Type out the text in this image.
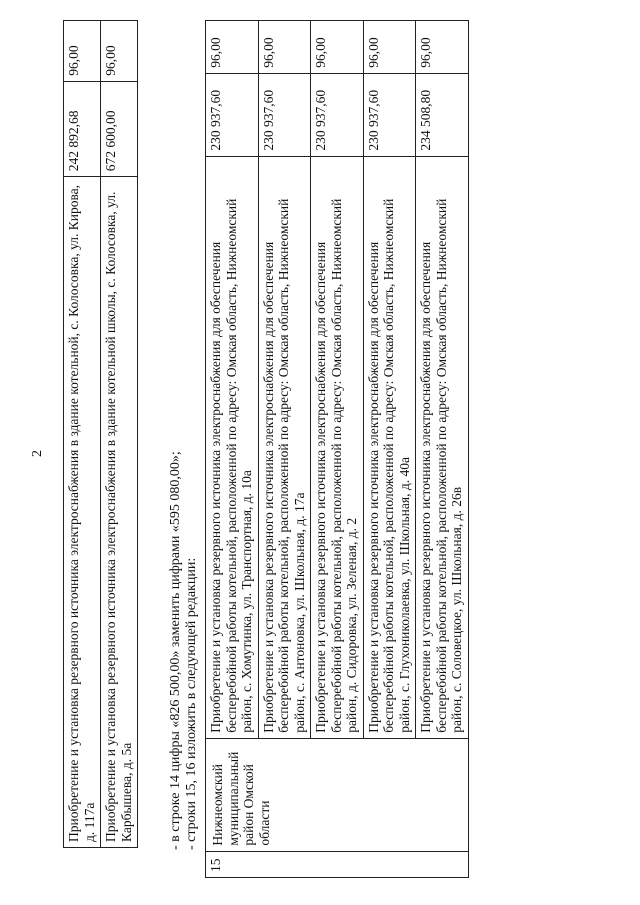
2 Приобретение и установка резервного источника электроснабжения в здание котельной, с. Колосовка, ул. Кирова, д. 117а	242 892,68	96,00
Приобретение и установка резервного источника электроснабжения в здание котельной школы, с. Колосовка, ул. Карбышева, д. 5а	672 600,00	96,00
- в строке 14 цифры «826 500,00» заменить цифрами «595 080,00»; - строки 15, 16 изложить в следующей редакции:
15	Нижнеомский муниципальный район Омской области	Приобретение и установка резервного источника электроснабжения для обеспечения бесперебойной работы котельной, расположенной по адресу: Омская область, Нижнеомский район, с. Хомутинка, ул. Транспортная, д. 10а	230 937,60	96,00
		Приобретение и установка резервного источника электроснабжения для обеспечения бесперебойной работы котельной, расположенной по адресу: Омская область, Нижнеомский район, с. Антоновка, ул. Школьная, д. 17а	230 937,60	96,00
		Приобретение и установка резервного источника электроснабжения для обеспечения бесперебойной работы котельной, расположенной по адресу: Омская область, Нижнеомский район, д. Сидоровка, ул. Зеленая, д. 2	230 937,60	96,00
		Приобретение и установка резервного источника электроснабжения для обеспечения бесперебойной работы котельной, расположенной по адресу: Омская область, Нижнеомский район, с. Глухониколаевка, ул. Школьная, д. 40а	230 937,60	96,00
		Приобретение и установка резервного источника электроснабжения для обеспечения бесперебойной работы котельной, расположенной по адресу: Омская область, Нижнеомский район, с. Соловецкое, ул. Школьная, д. 26в	234 508,80	96,00
